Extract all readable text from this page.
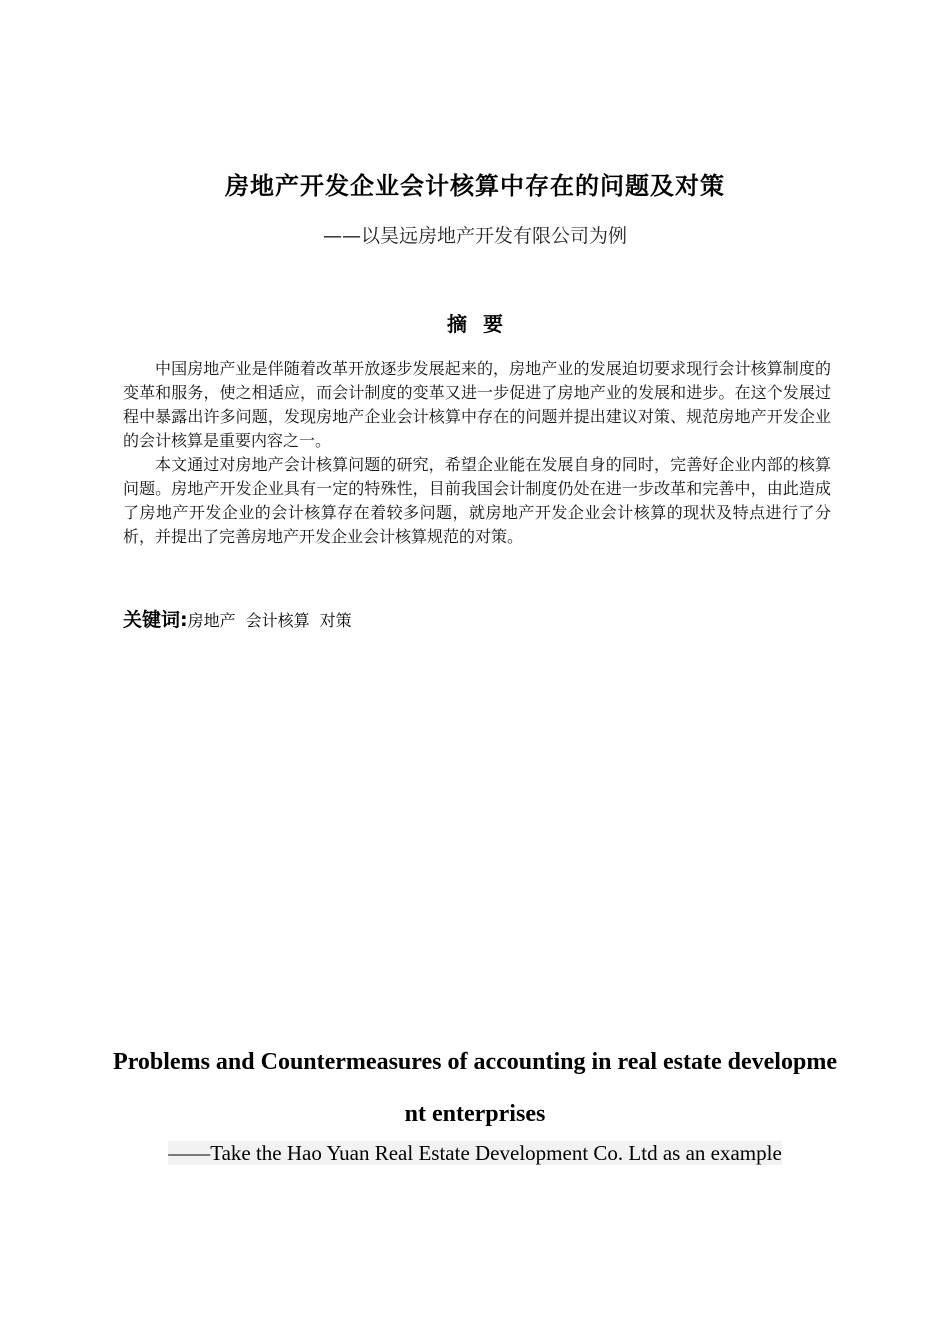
房地产开发企业会计核算中存在的问题及对策
——以昊远房地产开发有限公司为例
摘要

中国房地产业是伴随着改革开放逐步发展起来的，房地产业的发展迫切要求现行会计核算制度的变革和服务，使之相适应，而会计制度的变革又进一步促进了房地产业的发展和进步。在这个发展过程中暴露出许多问题，发现房地产企业会计核算中存在的问题并提出建议对策、规范房地产开发企业的会计核算是重要内容之一。

本文通过对房地产会计核算问题的研究，希望企业能在发展自身的同时，完善好企业内部的核算问题。房地产开发企业具有一定的特殊性，目前我国会计制度仍处在进一步改革和完善中，由此造成了房地产开发企业的会计核算存在着较多问题，就房地产开发企业会计核算的现状及特点进行了分析，并提出了完善房地产开发企业会计核算规范的对策。

关键词:房地产 会计核算 对策
Problems and Countermeasures of accounting in real estate development enterprises
——Take the Hao Yuan Real Estate Development Co. Ltd as an example
